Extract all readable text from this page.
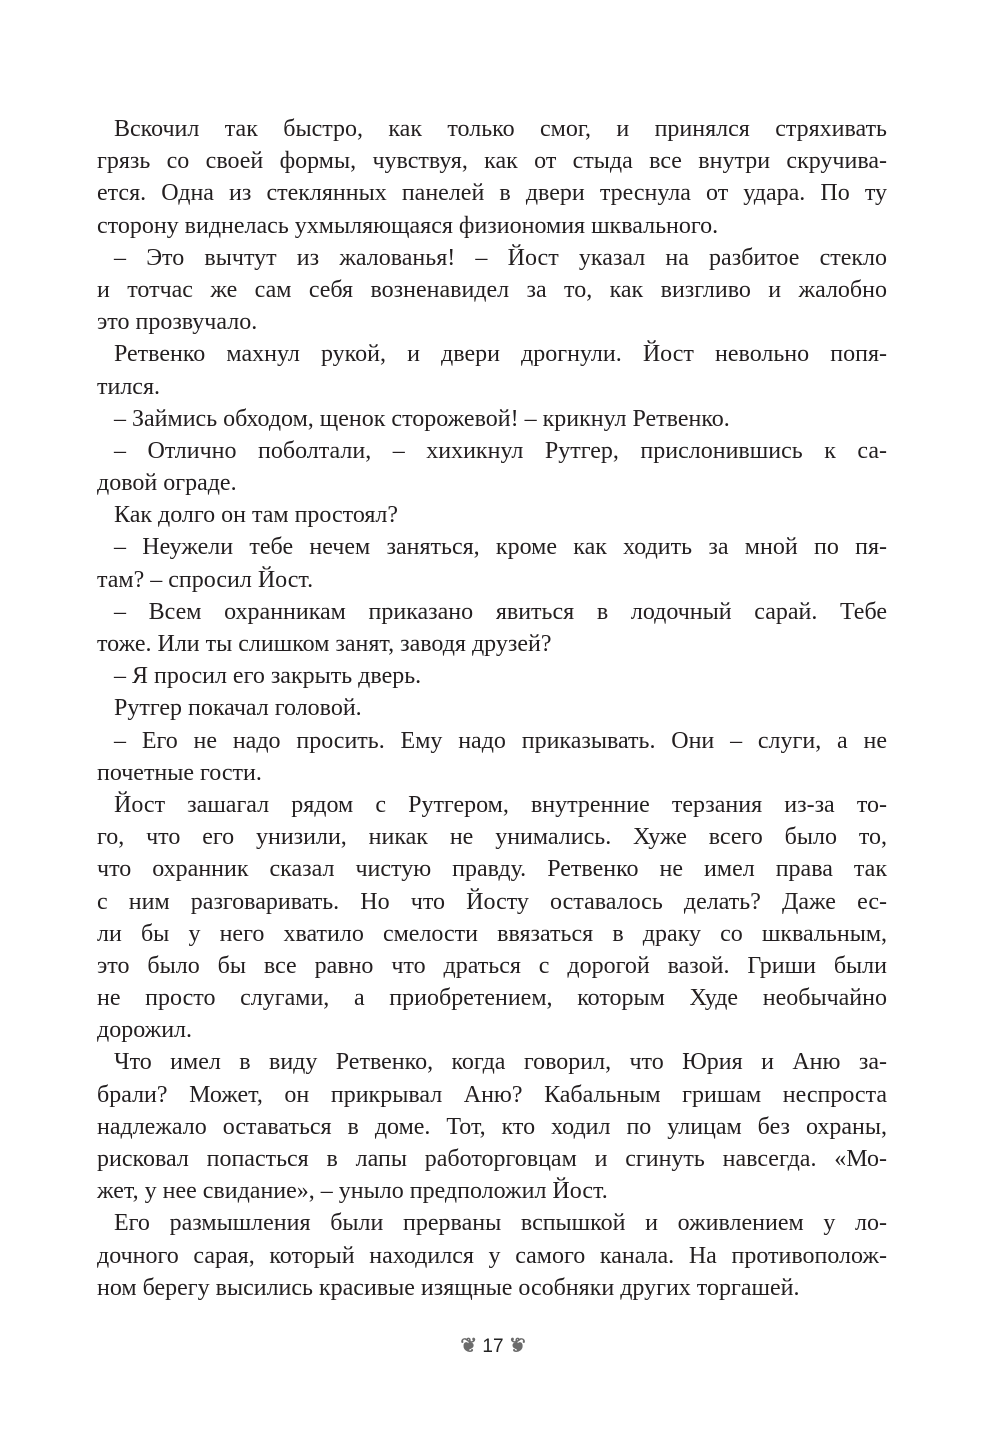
Вскочил так быстро, как только смог, и принялся стряхивать
грязь со своей формы, чувствуя, как от стыда все внутри скручива-
ется. Одна из стеклянных панелей в двери треснула от удара. По ту
сторону виднелась ухмыляющаяся физиономия шквального.
– Это вычтут из жалованья! – Йост указал на разбитое стекло
и тотчас же сам себя возненавидел за то, как визгливо и жалобно
это прозвучало.
Ретвенко махнул рукой, и двери дрогнули. Йост невольно попя-
тился.
– Займись обходом, щенок сторожевой! – крикнул Ретвенко.
– Отлично поболтали, – хихикнул Рутгер, прислонившись к са-
довой ограде.
Как долго он там простоял?
– Неужели тебе нечем заняться, кроме как ходить за мной по пя-
там? – спросил Йост.
– Всем охранникам приказано явиться в лодочный сарай. Тебе
тоже. Или ты слишком занят, заводя друзей?
– Я просил его закрыть дверь.
Рутгер покачал головой.
– Его не надо просить. Ему надо приказывать. Они – слуги, а не
почетные гости.
Йост зашагал рядом с Рутгером, внутренние терзания из-за то-
го, что его унизили, никак не унимались. Хуже всего было то,
что охранник сказал чистую правду. Ретвенко не имел права так
с ним разговаривать. Но что Йосту оставалось делать? Даже ес-
ли бы у него хватило смелости ввязаться в драку со шквальным,
это было бы все равно что драться с дорогой вазой. Гриши были
не просто слугами, а приобретением, которым Худе необычайно
дорожил.
Что имел в виду Ретвенко, когда говорил, что Юрия и Аню за-
брали? Может, он прикрывал Аню? Кабальным гришам неспроста
надлежало оставаться в доме. Тот, кто ходил по улицам без охраны,
рисковал попасться в лапы работорговцам и сгинуть навсегда. «Мо-
жет, у нее свидание», – уныло предположил Йост.
Его размышления были прерваны вспышкой и оживлением у ло-
дочного сарая, который находился у самого канала. На противополож-
ном берегу высились красивые изящные особняки других торгашей.
❦ 17 ❦
